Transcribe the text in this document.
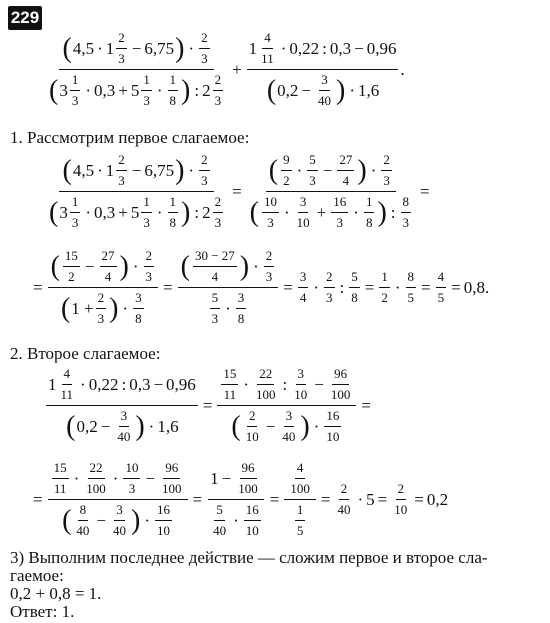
229
( $4,5 \cdot 1 \frac{2}{3} - 6,75$ ) · $\frac{2}{3}$
( $3 \frac{1}{3} \cdot 0,3 + 5 \frac{1}{3} \cdot \frac{1}{8}$ ) : $2 \frac{2}{3}$
+ $\frac{1 \frac{4}{11} \cdot 0,22 : 0,3 - 0,96}{( 0,2 - \frac{3}{40} ) \cdot 1,6}$ .
1. Рассмотрим первое слагаемое:
( $4,5 \cdot 1 \frac{2}{3} - 6,75$ ) · $\frac{2}{3}$
( $3 \frac{1}{3} \cdot 0,3 + 5 \frac{1}{3} \cdot \frac{1}{8}$ ) : $2 \frac{2}{3}$
=
( $\frac{9}{2} \cdot \frac{5}{3} - \frac{27}{4}$ ) · $\frac{2}{3}$
( $\frac{10}{3} \cdot \frac{3}{10} + \frac{16}{3} \cdot \frac{1}{8}$ ) : $\frac{8}{3}$
=
= $\frac{( \frac{15}{2} - \frac{27}{4} ) \cdot \frac{2}{3}}{( 1 + \frac{2}{3} ) \cdot \frac{3}{8}} = \frac{( \frac{30 - 27}{4} ) \cdot \frac{2}{3}}{\frac{5}{3} \cdot \frac{3}{8}} = \frac{3}{4} \cdot \frac{2}{3}$ : $\frac{5}{8} = \frac{1}{2} \cdot \frac{8}{5} = \frac{4}{5} = 0,8$ .
2. Второе слагаемое:
$\frac{1 \frac{4}{11} \cdot 0,22 : 0,3 - 0,96}{( 0,2 - \frac{3}{40} ) \cdot 1,6}$ =
$\frac{15}{11} \cdot \frac{22}{100}$ : $\frac{3}{10} - \frac{96}{100}$
( $\frac{2}{10} - \frac{3}{40}$ ) · $\frac{16}{10}$
=
=
$\frac{15}{11} \cdot \frac{22}{100} \cdot \frac{10}{3} - \frac{96}{100}$
( $\frac{8}{40} - \frac{3}{40}$ ) · $\frac{16}{10}$
= $\frac{1 - \frac{96}{100}}{\frac{5}{40} \cdot \frac{16}{10}} = \frac{\frac{4}{100}}{\frac{1}{5}} = \frac{2}{40} \cdot 5 = \frac{2}{10} = 0,2$
3) Выполним последнее действие — сложим первое и второе сла-
гаемое:
0,2 + 0,8 = 1.
Ответ: 1.
